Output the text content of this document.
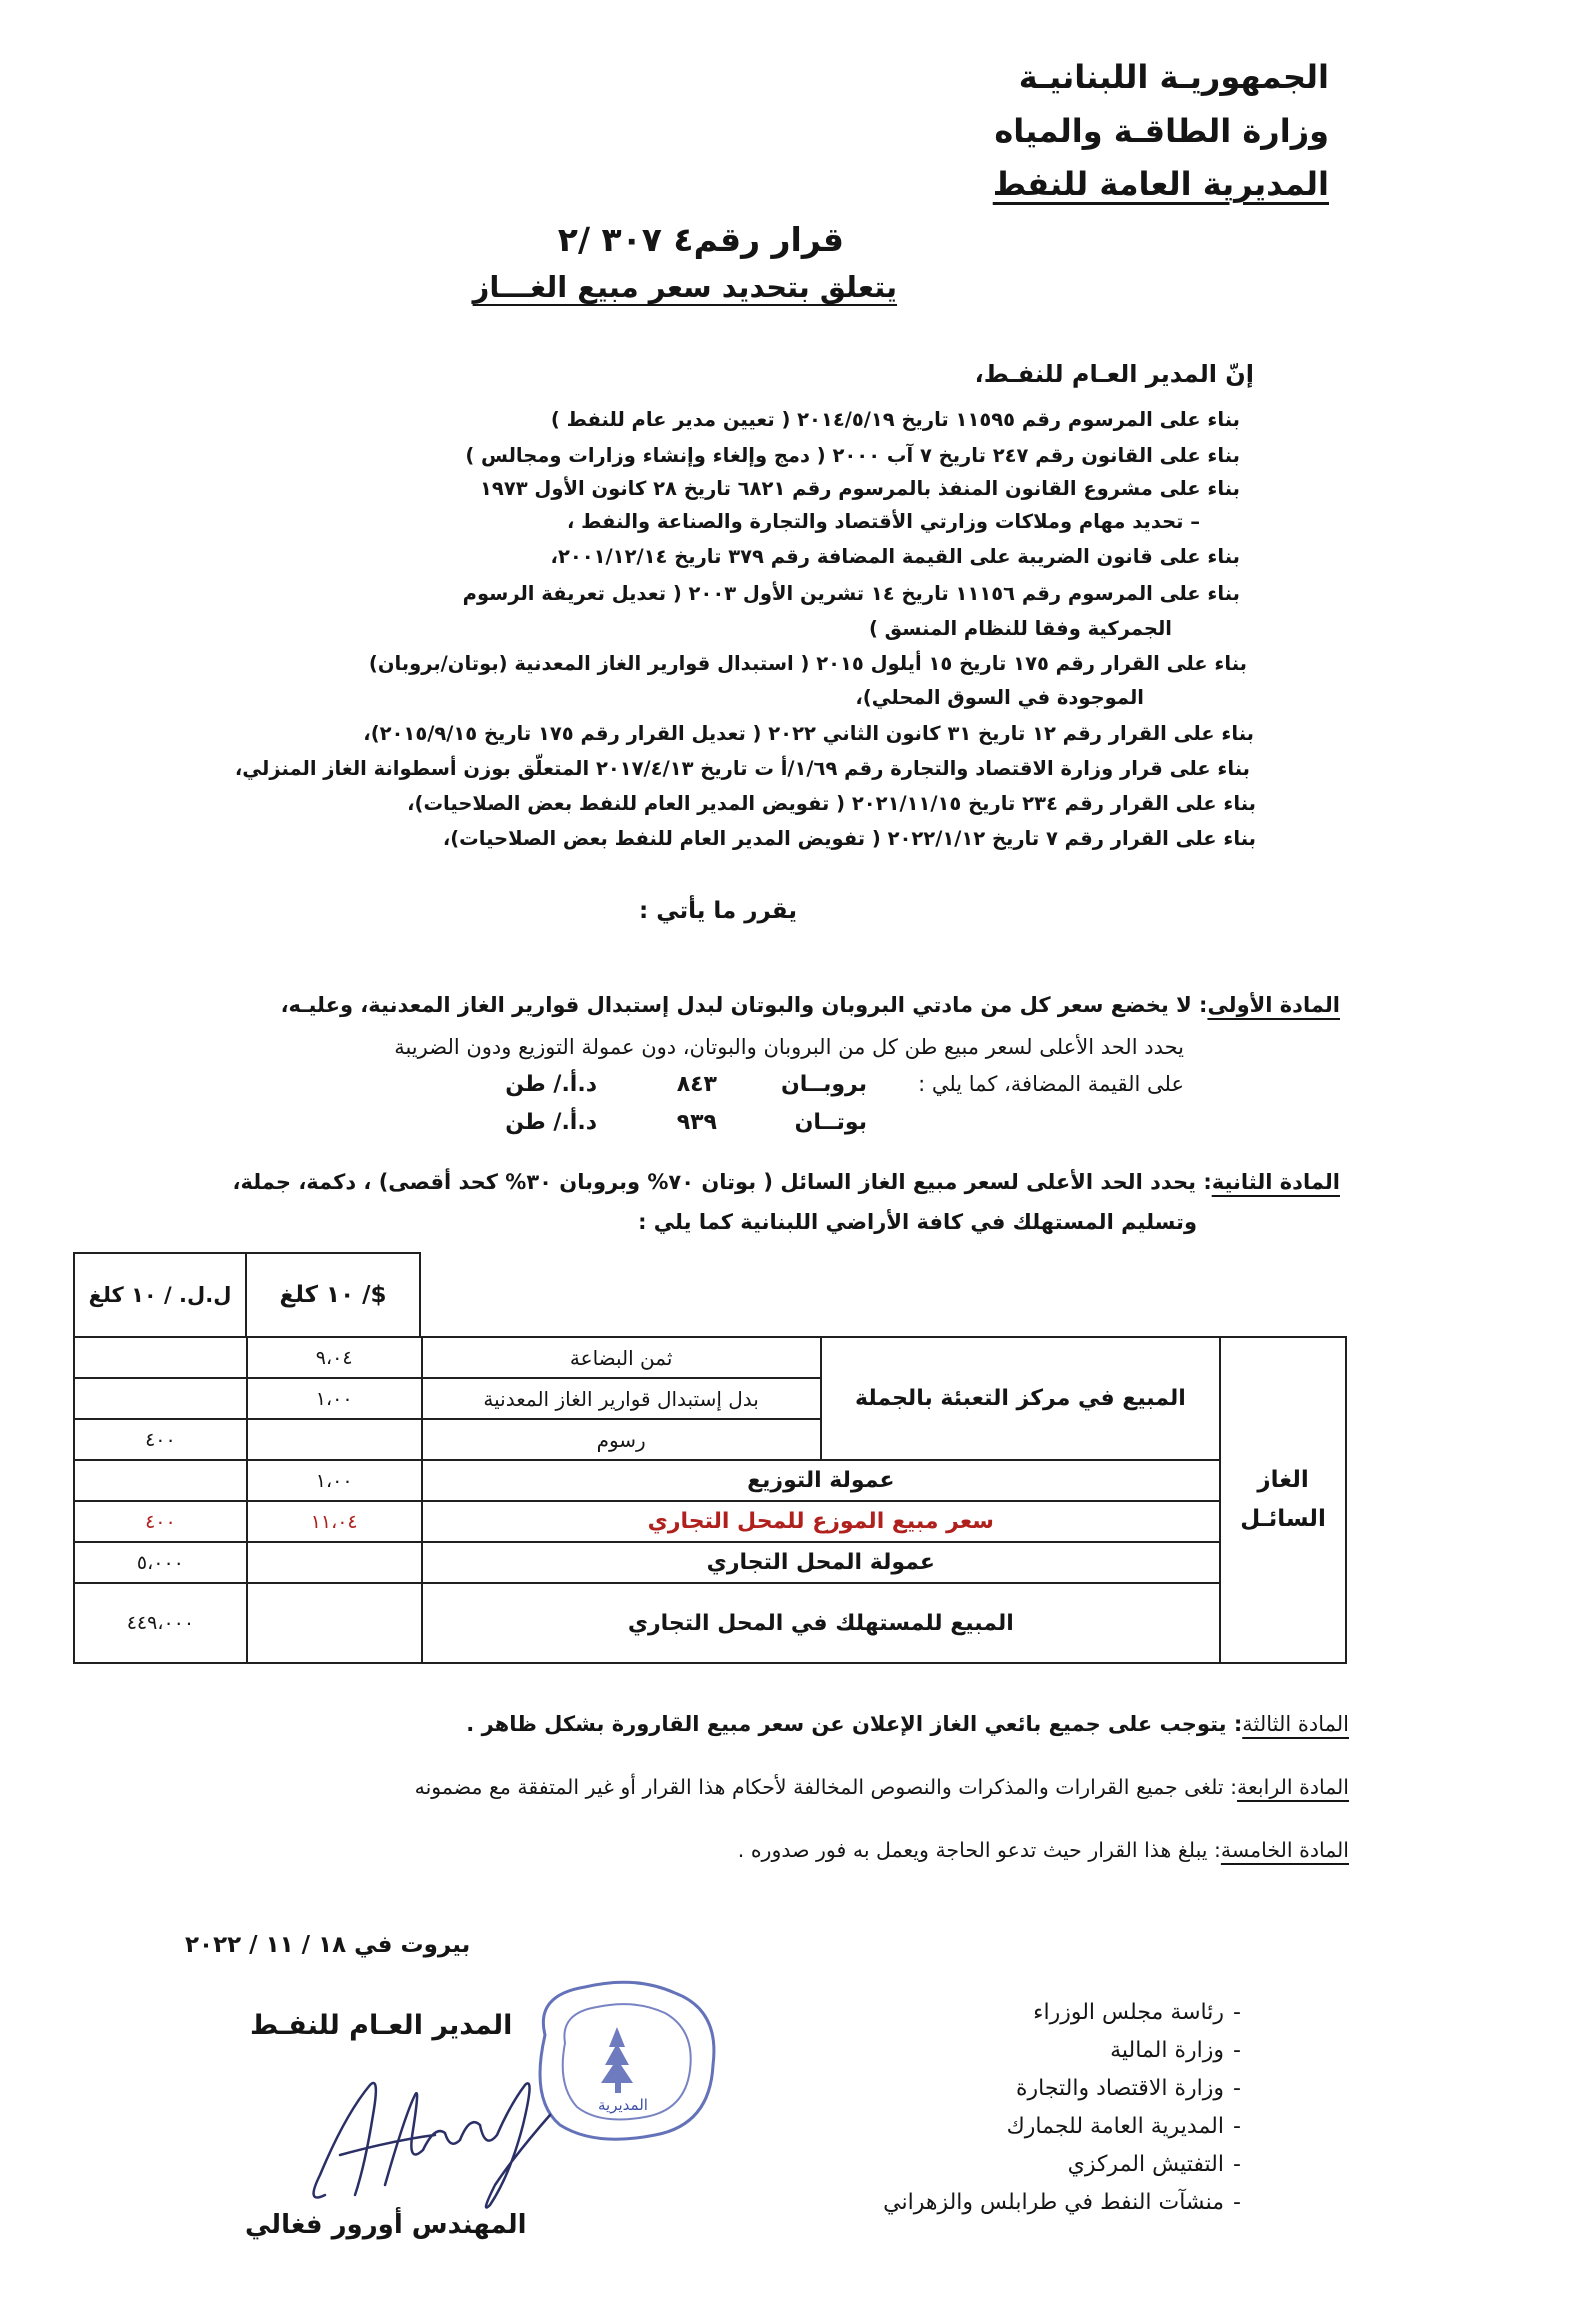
الجمهوريـة اللبنانيـة
وزارة الطاقـة والمياه
المديرية العامة للنفط
قرار رقم٤ ٣٠٧ /٢
يتعلق بتحديد سعر مبيع الغـــاز
إنّ المدير العـام للنفـط،
بناء على المرسوم رقم ١١٥٩٥ تاريخ ٢٠١٤/٥/١٩ ( تعيين مدير عام للنفط )
بناء على القانون رقم ٢٤٧ تاريخ ٧ آب ٢٠٠٠ ( دمج وإلغاء وإنشاء وزارات ومجالس )
بناء على مشروع القانون المنفذ بالمرسوم رقم ٦٨٢١ تاريخ ٢٨ كانون الأول ١٩٧٣
– تحديد مهام وملاكات وزارتي الأقتصاد والتجارة والصناعة والنفط ،
بناء على قانون الضريبة على القيمة المضافة رقم ٣٧٩ تاريخ ٢٠٠١/١٢/١٤،
بناء على المرسوم رقم ١١١٥٦ تاريخ ١٤ تشرين الأول ٢٠٠٣ ( تعديل تعريفة الرسوم
الجمركية وفقا للنظام المنسق )
بناء على القرار رقم ١٧٥ تاريخ ١٥ أيلول ٢٠١٥ ( استبدال قوارير الغاز المعدنية (بوتان/بروبان)
الموجودة في السوق المحلي)،
بناء على القرار رقم ١٢ تاريخ ٣١ كانون الثاني ٢٠٢٢ ( تعديل القرار رقم ١٧٥ تاريخ ٢٠١٥/٩/١٥)،
بناء على قرار وزارة الاقتصاد والتجارة رقم ١/٦٩/أ ت تاريخ ٢٠١٧/٤/١٣ المتعلّق بوزن أسطوانة الغاز المنزلي،
بناء على القرار رقم ٢٣٤ تاريخ ٢٠٢١/١١/١٥ ( تفويض المدير العام للنفط بعض الصلاحيات)،
بناء على القرار رقم ٧ تاريخ ٢٠٢٢/١/١٢ ( تفويض المدير العام للنفط بعض الصلاحيات)،
يقرر ما يأتي :
المادة الأولى: لا يخضع سعر كل من مادتي البروبان والبوتان لبدل إستبدال قوارير الغاز المعدنية، وعليـه،
يحدد الحد الأعلى لسعر مبيع طن كل من البروبان والبوتان، دون عمولة التوزيع ودون الضريبة
على القيمة المضافة، كما يلي :
بروبــان٨٤٣د.أ./ طن
بوتــان٩٣٩د.أ./ طن
المادة الثانية: يحدد الحد الأعلى لسعر مبيع الغاز السائل ( بوتان ٧٠% وبروبان ٣٠% كحد أقصى) ، دكمة، جملة،
وتسليم المستهلك في كافة الأراضي اللبنانية كما يلي :
$/ ١٠ كلغ	ل.ل. / ١٠ كلغ
الغاز السائـل	المبيع في مركز التعبئة بالجملة	ثمن البضاعة	٩،٠٤	
		بدل إستبدال قوارير الغاز المعدنية	١،٠٠	
		رسوم		٤٠٠
	عمولة التوزيع		١،٠٠	
	سعر مبيع الموزع للمحل التجاري		١١،٠٤	٤٠٠
	عمولة المحل التجاري			٥،٠٠٠
	المبيع للمستهلك في المحل التجاري			٤٤٩،٠٠٠
المادة الثالثة: يتوجب على جميع بائعي الغاز الإعلان عن سعر مبيع القارورة بشكل ظاهر .
المادة الرابعة: تلغى جميع القرارات والمذكرات والنصوص المخالفة لأحكام هذا القرار أو غير المتفقة مع مضمونه
المادة الخامسة: يبلغ هذا القرار حيث تدعو الحاجة ويعمل به فور صدوره .
بيروت في ١٨ / ١١ / ٢٠٢٢
-رئاسة مجلس الوزراء
-وزارة المالية
-وزارة الاقتصاد والتجارة
-المديرية العامة للجمارك
-التفتيش المركزي
-منشآت النفط في طرابلس والزهراني
المديرية
المدير العـام للنفـط
المهندس أورور فغالي
